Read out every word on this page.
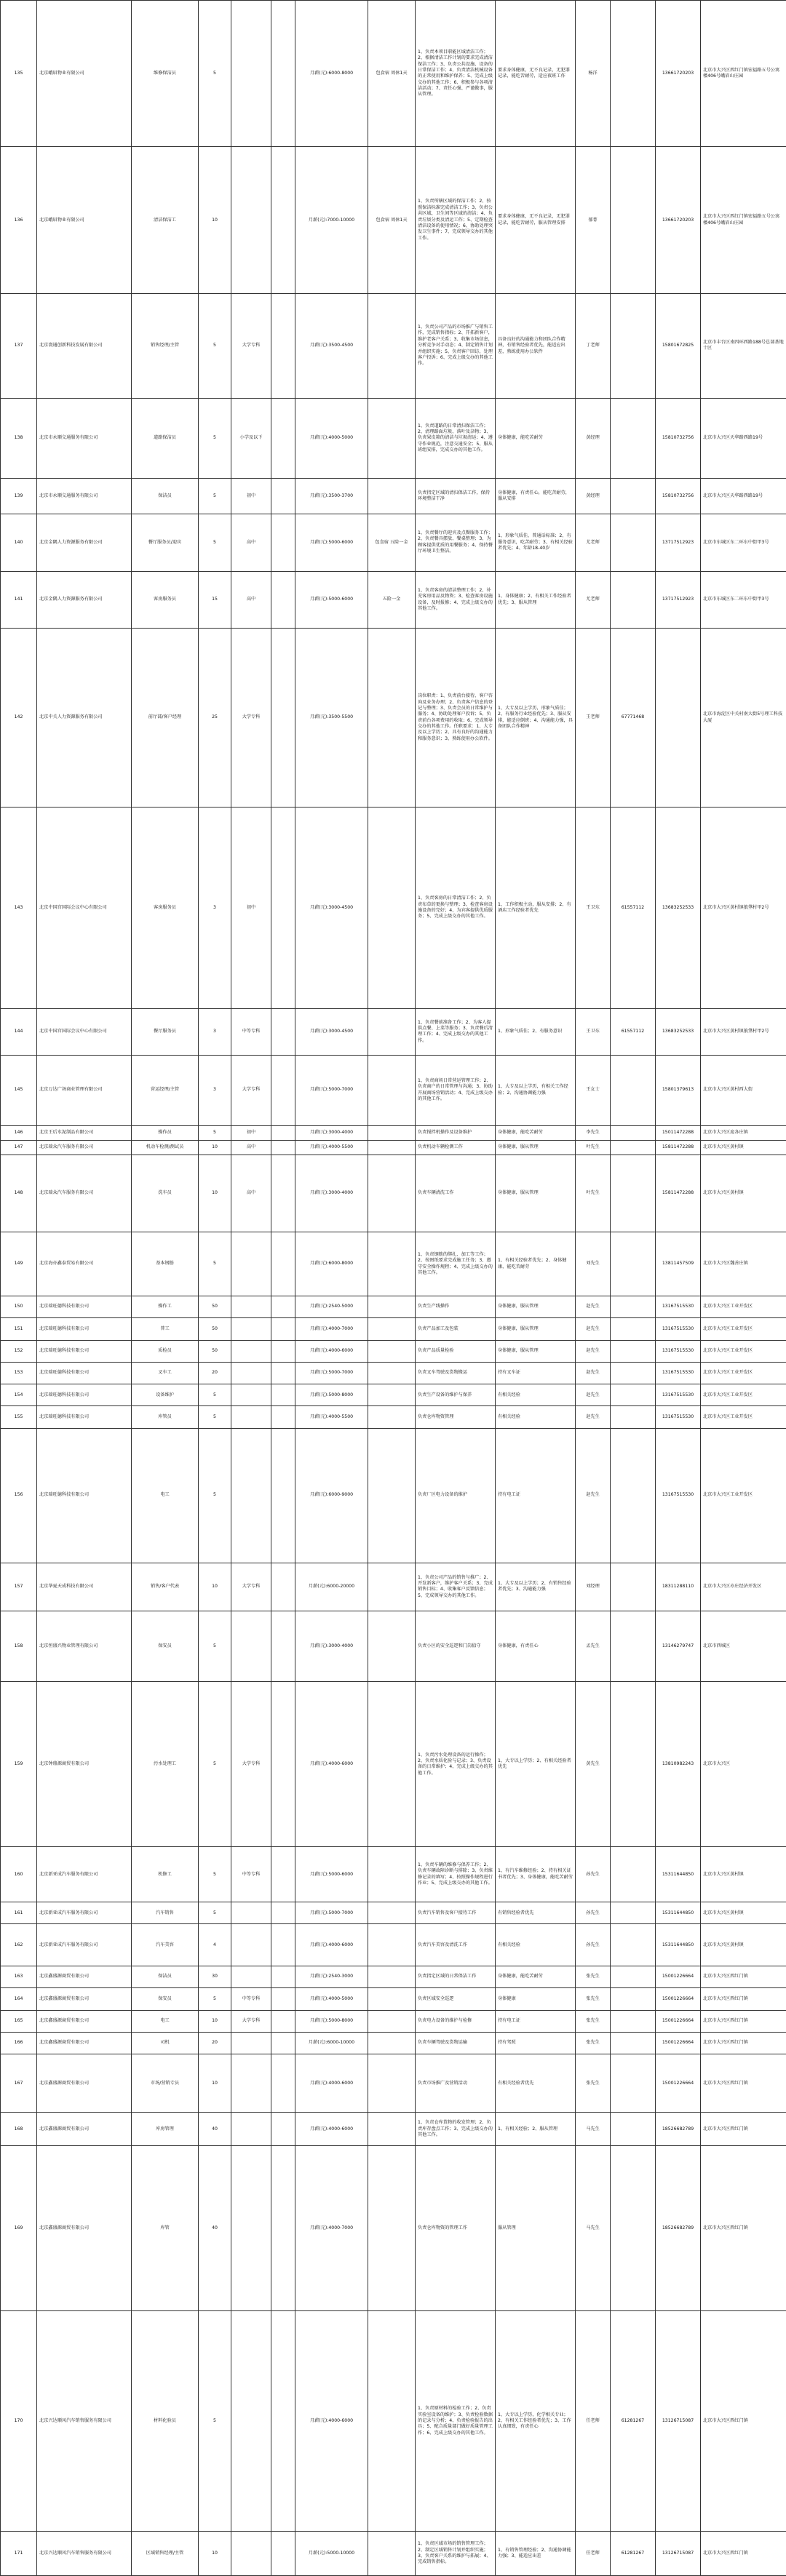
135	北京峨眉物业有限公司	维修保洁员	5			月薪(元):6000-8000	包食宿 周休1天	1、负责本项目职能区域清洁工作；2、根据清洁工作计划的要求完成清洁保洁工作；3、负责公共设施、设备的日常保洁工作；4、负责清洁机械设备的正常使用和维护保养；5、完成上级交办的其他工作；6、积极参与各项清洁活动；7、责任心强、严谨做事，服从管理。	要求身体健康，无不良记录，无犯罪记录，能吃苦耐劳，适应夜班工作	杨洋		13661720203	北京市大兴区西红门镇宏福路五号公寓楼406号峨眉山庄园
136	北京峨眉物业有限公司	清洁保洁工	10			月薪(元):7000-10000	包食宿 周休1天	1、负责所辖区域的保洁工作；2、按照保洁标准完成清洁工作；3、负责公共区域、卫生间等区域的清洁；4、负责垃圾分类及清运工作；5、定期检查清洁设备的使用情况；6、协助处理突发卫生事件；7、完成领导交办的其他工作。	要求身体健康，无不良记录，无犯罪记录，能吃苦耐劳，服从管理安排	郁菁		13661720203	北京市大兴区西红门镇宏福路五号公寓楼406号峨眉山庄园
137	北京寰通创新科技发展有限公司	销售经理/主管	5	大学专科		月薪(元):3500-4500		1、负责公司产品的市场推广与销售工作，完成销售指标；2、开拓新客户，维护老客户关系；3、收集市场信息，分析竞争对手动态；4、制定销售计划并组织实施；5、负责客户回访，处理客户投诉；6、完成上级交办的其他工作。	具备良好的沟通能力和团队合作精神，有销售经验者优先，能适应出差，熟练使用办公软件	丁老师		15801672825	北京市丰台区南四环西路188号总部基地十区
138	北京市永顺交通服务有限公司	道路保洁员	5	小学及以下		月薪(元):4000-5000		1、负责道路的日常清扫保洁工作；2、清理路面垃圾、落叶及杂物；3、负责果皮箱的清洁与垃圾清运；4、遵守作业规范，注意交通安全；5、服从班组安排，完成交办的其他工作。	身体健康，能吃苦耐劳	黄经理		15810732756	北京市大兴区天华路西路19号
139	北京市永顺交通服务有限公司	保洁员	5	初中		月薪(元):3500-3700		负责指定区域的清扫保洁工作，保持环境整洁干净	身体健康，有责任心，能吃苦耐劳，服从安排	黄经理		15810732756	北京市大兴区天华路西路19号
140	北京金隅人力资源服务有限公司	餐厅服务员/迎宾	5	高中		月薪(元):5000-6000	包食宿 五险一金	1、负责餐厅的迎宾及点餐服务工作；2、负责餐具摆放、餐桌整理；3、为顾客提供优质的用餐服务；4、保持餐厅环境卫生整洁。	1、形象气质佳，普通话标准；2、有服务意识，吃苦耐劳；3、有相关经验者优先；4、年龄18-40岁	尤老师		13717512923	北京市东城区东二环东中街甲3号
141	北京金隅人力资源服务有限公司	客房服务员	15	高中		月薪(元):5000-6000	五险一金	1、负责客房的清洁整理工作；2、补充客房用品及物资；3、检查客房设施设备，及时报修；4、完成上级交办的其他工作。	1、身体健康；2、有相关工作经验者优先；3、服从管理	尤老师		13717512923	北京市东城区东二环东中街甲3号
142	北京中关人力资源服务有限公司	前厅部/客户经理	25	大学专科		月薪(元):3500-5500		岗位职责：1、负责前台接待、客户咨询及业务办理；2、负责客户信息的登记与整理；3、负责会员的日常维护与服务；4、协助处理客户投诉；5、负责前台各项费用的收取；6、完成领导交办的其他工作。任职要求：1、大专及以上学历；2、具有良好的沟通能力和服务意识；3、熟练使用办公软件。	1、大专及以上学历，形象气质佳；2、有服务行业经验优先；3、服从安排，能适应倒班；4、沟通能力强，具备团队合作精神	王老师	67771468		北京市海淀区中关村南大街5号理工科技大厦
143	北京中国宫国际会议中心有限公司	客房服务员	3	初中		月薪(元):3000-4500		1、负责客房的日常清洁工作；2、负责布草的更换与整理；3、检查客房设施设备的完好；4、为宾客提供优质服务；5、完成上级交办的其他工作。	1、工作积极主动，服从安排；2、有酒店工作经验者优先	王卫东	61557112	13683252533	北京市大兴区黄村镇狼垡村甲2号
144	北京中国宫国际会议中心有限公司	餐厅服务员	3	中等专科		月薪(元):3000-4500		1、负责餐前准备工作；2、为客人提供点餐、上菜等服务；3、负责餐后清理工作；4、完成上级交办的其他工作。	1、形象气质佳；2、有服务意识	王卫东	61557112	13683252533	北京市大兴区黄村镇狼垡村甲2号
145	北京万达广场商业管理有限公司	营运经理/主管	3	大学专科		月薪(元):5000-7000		1、负责商场日常营运管理工作；2、负责商户的日常管理与沟通；3、协助开展商场营销活动；4、完成上级交办的其他工作。	1、大专及以上学历，有相关工作经验；2、沟通协调能力强	王女士		15801379613	北京市大兴区黄村西大街
146	北京王后水泥制品有限公司	操作员	5	初中		月薪(元):3000-4000		负责搅拌机操作及设备维护	身体健康，能吃苦耐劳	李先生		15011472288	北京市大兴区庞各庄镇
147	北京瑞众汽车服务有限公司	机动车检测/测试员	10	高中		月薪(元):4000-5500		负责机动车辆检测工作	身体健康，服从管理	叶先生		15811472288	北京市大兴区黄村镇
148	北京瑞众汽车服务有限公司	洗车员	10	高中		月薪(元):3000-4000		负责车辆清洗工作	身体健康，服从管理	叶先生		15811472288	北京市大兴区黄村镇
149	北京海亦鑫泰贸易有限公司	基本钢筋	5			月薪(元):6000-8000		1、负责钢筋的绑扎、加工等工作；2、按图纸要求完成施工任务；3、遵守安全操作规程；4、完成上级交办的其他工作。	1、有相关经验者优先；2、身体健康，能吃苦耐劳	刘先生		13811457509	北京市大兴区魏善庄镇
150	北京瑞旺德科技有限公司	操作工	50			月薪(元):2540-5000		负责生产线操作	身体健康，服从管理	赵先生		13167515530	北京市大兴区工业开发区
151	北京瑞旺德科技有限公司	普工	50			月薪(元):4000-7000		负责产品加工及包装	身体健康，服从管理	赵先生		13167515530	北京市大兴区工业开发区
152	北京瑞旺德科技有限公司	质检员	50			月薪(元):4000-6000		负责产品质量检验	身体健康，服从管理	赵先生		13167515530	北京市大兴区工业开发区
153	北京瑞旺德科技有限公司	叉车工	20			月薪(元):5000-7000		负责叉车驾驶及货物搬运	持有叉车证	赵先生		13167515530	北京市大兴区工业开发区
154	北京瑞旺德科技有限公司	设备维护	5			月薪(元):5000-8000		负责生产设备的维护与保养	有相关经验	赵先生		13167515530	北京市大兴区工业开发区
155	北京瑞旺德科技有限公司	库管员	5			月薪(元):4000-5500		负责仓库物资管理	有相关经验	赵先生		13167515530	北京市大兴区工业开发区
156	北京瑞旺德科技有限公司	电工	5			月薪(元):6000-9000		负责厂区电力设备的维护	持有电工证	赵先生		13167515530	北京市大兴区工业开发区
157	北京华夏天成科技有限公司	销售/客户代表	10	大学专科		月薪(元):6000-20000		1、负责公司产品的销售与推广；2、开发新客户，维护客户关系；3、完成销售目标；4、收集客户反馈信息；5、完成领导交办的其他工作。	1、大专及以上学历；2、有销售经验者优先；3、沟通能力强	刘经理		18311288110	北京市大兴区亦庄经济开发区
158	北京恒盛兴物业管理有限公司	保安员	5			月薪(元):3000-4000		负责小区的安全巡逻和门岗值守	身体健康，有责任心	孟先生		13146279747	北京市西城区
159	北京钟鼎源商贸有限公司	污水处理工	5	大学专科		月薪(元):4000-6000		1、负责污水处理设备的运行操作；2、负责水质化验与记录；3、负责设备的日常维护；4、完成上级交办的其他工作。	1、大专以上学历；2、有相关经验者优先	黄先生		13810982243	北京市大兴区
160	北京新亚成汽车服务有限公司	机修工	5	中等专科		月薪(元):5000-6000		1、负责车辆的维修与保养工作；2、负责车辆故障诊断与排除；3、负责维修记录的填写；4、按照操作规程进行作业；5、完成上级交办的其他工作。	1、有汽车维修经验；2、持有相关证书者优先；3、身体健康，能吃苦耐劳	孙先生		15311644850	北京市大兴区黄村镇
161	北京新亚成汽车服务有限公司	汽车销售	5			月薪(元):5000-7000		负责汽车销售及客户接待工作	有销售经验者优先	孙先生		15311644850	北京市大兴区黄村镇
162	北京新亚成汽车服务有限公司	汽车美容	4			月薪(元):4000-6000		负责汽车美容及清洗工作	有相关经验	孙先生		15311644850	北京市大兴区黄村镇
163	北京鑫盛源商贸有限公司	保洁员	30			月薪(元):2540-3000		负责指定区域的日常保洁工作	身体健康，能吃苦耐劳	张先生		15001226664	北京市大兴区西红门镇
164	北京鑫盛源商贸有限公司	保安员	5	中等专科		月薪(元):4000-5000		负责区域安全巡逻	身体健康	张先生		15001226664	北京市大兴区西红门镇
165	北京鑫盛源商贸有限公司	电工	10	大学专科		月薪(元):5000-8000		负责电力设备的维护与检修	持有电工证	张先生		15001226664	北京市大兴区西红门镇
166	北京鑫盛源商贸有限公司	司机	20			月薪(元):6000-10000		负责车辆驾驶及货物运输	持有驾照	张先生		15001226664	北京市大兴区西红门镇
167	北京鑫盛源商贸有限公司	市场/营销专员	10			月薪(元):4000-6000		负责市场推广及营销活动	有相关经验者优先	张先生		15001226664	北京市大兴区西红门镇
168	北京鑫盛源商贸有限公司	库房管理	40			月薪(元):4000-6000		1、负责仓库货物的收发管理；2、负责库存盘点工作；3、完成上级交办的其他工作。	1、有相关经验；2、服从管理	马先生		18526682789	北京市大兴区西红门镇
169	北京鑫盛源商贸有限公司	库管	40			月薪(元):4000-7000		负责仓库物资的管理工作	服从管理	马先生		18526682789	北京市大兴区西红门镇
170	北京兴达顺风汽车销售服务有限公司	材料化验员	5			月薪(元):4000-6000		1、负责原材料的检验工作；2、负责实验室设备的维护；3、负责检验数据的记录与分析；4、负责检验报告的出具；5、配合质量部门做好质量管理工作；6、完成上级交办的其他工作。	1、大专以上学历，化学相关专业；2、有相关工作经验者优先；3、工作认真细致，有责任心	任老师	61281267	13126715087	北京市大兴区西红门镇
171	北京兴达顺风汽车销售服务有限公司	区域销售经理/主管	10			月薪(元):5000-10000		1、负责区域市场的销售管理工作；2、制定区域销售计划并组织实施；3、负责客户关系的维护与拓展；4、完成销售指标。	1、有销售管理经验；2、沟通协调能力强；3、能适应出差	任老师	61281267	13126715087	北京市大兴区西红门镇
